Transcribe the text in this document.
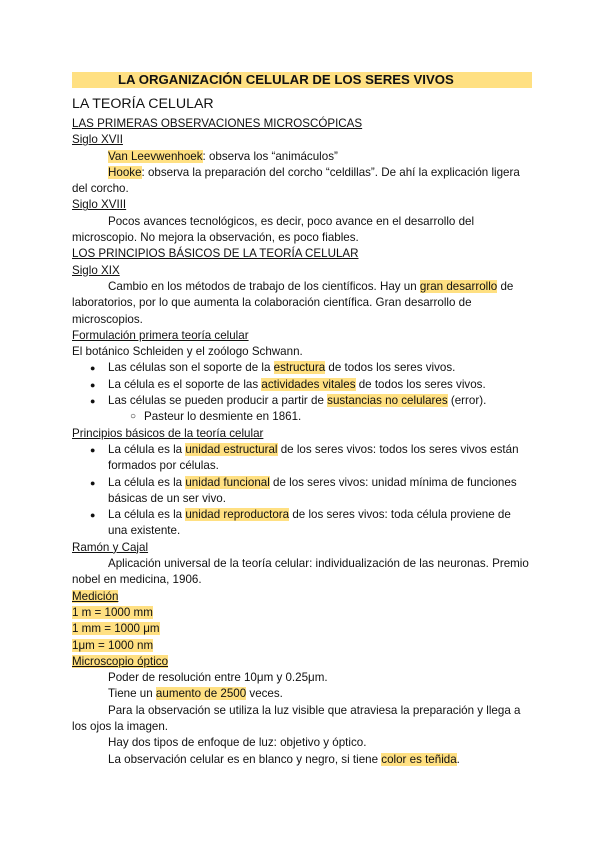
LA ORGANIZACIÓN CELULAR DE LOS SERES VIVOS
LA TEORÍA CELULAR

LAS PRIMERAS OBSERVACIONES MICROSCÓPICAS

Siglo XVII

Van Leevwenhoek: observa los “animáculos”

Hooke: observa la preparación del corcho “celdillas”. De ahí la explicación ligera del corcho.

Siglo XVIII

Pocos avances tecnológicos, es decir, poco avance en el desarrollo del microscopio. No mejora la observación, es poco fiables.

LOS PRINCIPIOS BÁSICOS DE LA TEORÍA CELULAR

Siglo XIX

Cambio en los métodos de trabajo de los científicos. Hay un gran desarrollo de laboratorios, por lo que aumenta la colaboración científica. Gran desarrollo de microscopios.

Formulación primera teoría celular

El botánico Schleiden y el zoólogo Schwann.

● Las células son el soporte de la estructura de todos los seres vivos.
● La célula es el soporte de las actividades vitales de todos los seres vivos.
● Las células se pueden producir a partir de sustancias no celulares (error).
○ Pasteur lo desmiente en 1861.

Principios básicos de la teoría celular

● La célula es la unidad estructural de los seres vivos: todos los seres vivos están formados por células.
● La célula es la unidad funcional de los seres vivos: unidad mínima de funciones básicas de un ser vivo.
● La célula es la unidad reproductora de los seres vivos: toda célula proviene de una existente.

Ramón y Cajal

Aplicación universal de la teoría celular: individualización de las neuronas. Premio nobel en medicina, 1906.

Medición

1 m = 1000 mm

1 mm = 1000 μm

1μm = 1000 nm

Microscopio óptico

Poder de resolución entre 10μm y 0.25μm.

Tiene un aumento de 2500 veces.

Para la observación se utiliza la luz visible que atraviesa la preparación y llega a los ojos la imagen.

Hay dos tipos de enfoque de luz: objetivo y óptico.

La observación celular es en blanco y negro, si tiene color es teñida.
